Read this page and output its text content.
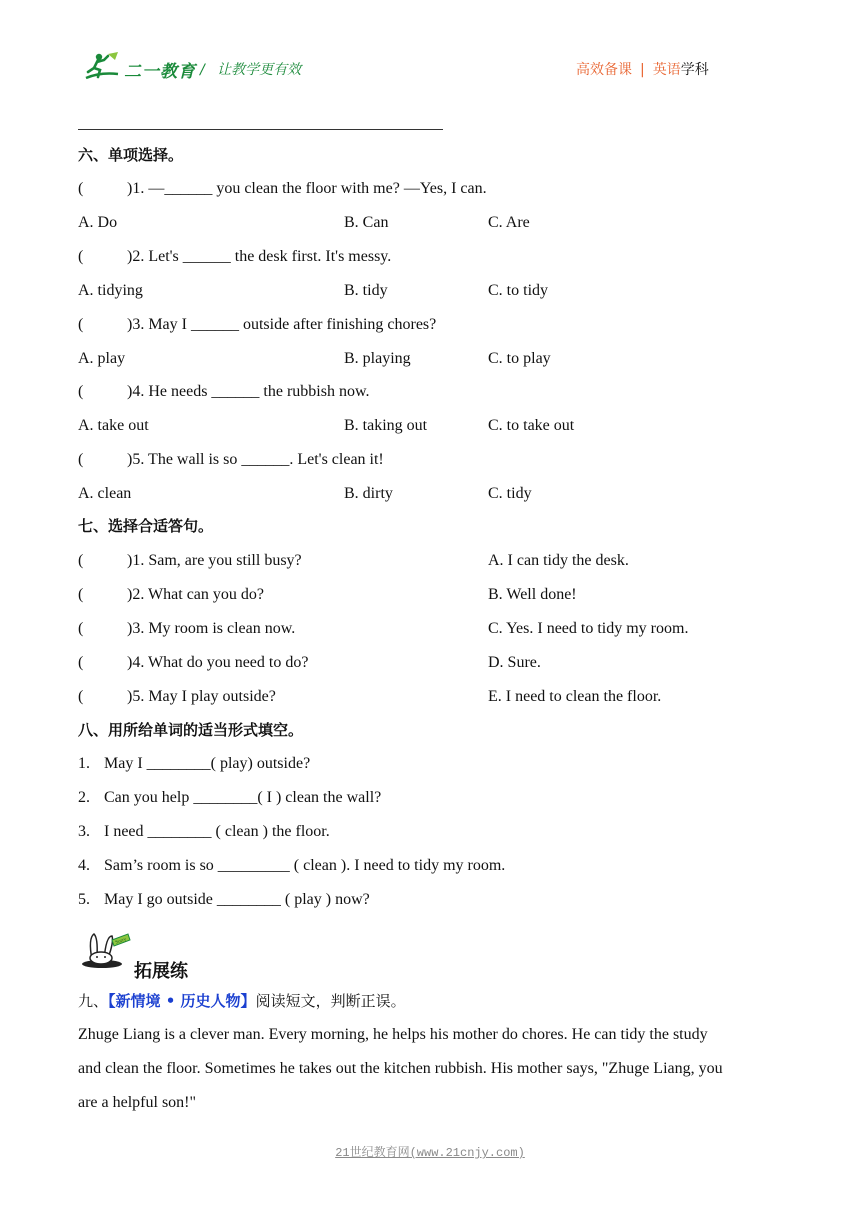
二一教育 / 让教学更有效	高效备课 | 英语学科
六、单项选择。
(	)1. —______ you clean the floor with me? —Yes, I can.
A. Do	B. Can	C. Are
(	)2. Let's ______ the desk first. It's messy.
A. tidying	B. tidy	C. to tidy
(	)3. May I ______ outside after finishing chores?
A. play	B. playing	C. to play
(	)4. He needs ______ the rubbish now.
A. take out	B. taking out	C. to take out
(	)5. The wall is so ______. Let's clean it!
A. clean	B. dirty	C. tidy
七、选择合适答句。
(	)1. Sam, are you still busy?	A. I can tidy the desk.
(	)2. What can you do?	B. Well done!
(	)3. My room is clean now.	C. Yes. I need to tidy my room.
(	)4. What do you need to do?	D. Sure.
(	)5. May I play outside?	E. I need to clean the floor.
八、用所给单词的适当形式填空。
1. May I ________( play) outside?
2. Can you help ________( I ) clean the wall?
3. I need ________ ( clean ) the floor.
4. Sam’s room is so _________ ( clean ). I need to tidy my room.
5. May I go outside ________ ( play ) now?
Sorry
拓展练
九、【新情境 • 历史人物】阅读短文，判断正误。
Zhuge Liang is a clever man. Every morning, he helps his mother do chores. He can tidy the study
and clean the floor. Sometimes he takes out the kitchen rubbish. His mother says, "Zhuge Liang, you
are a helpful son!"
21世纪教育网(www.21cnjy.com)
